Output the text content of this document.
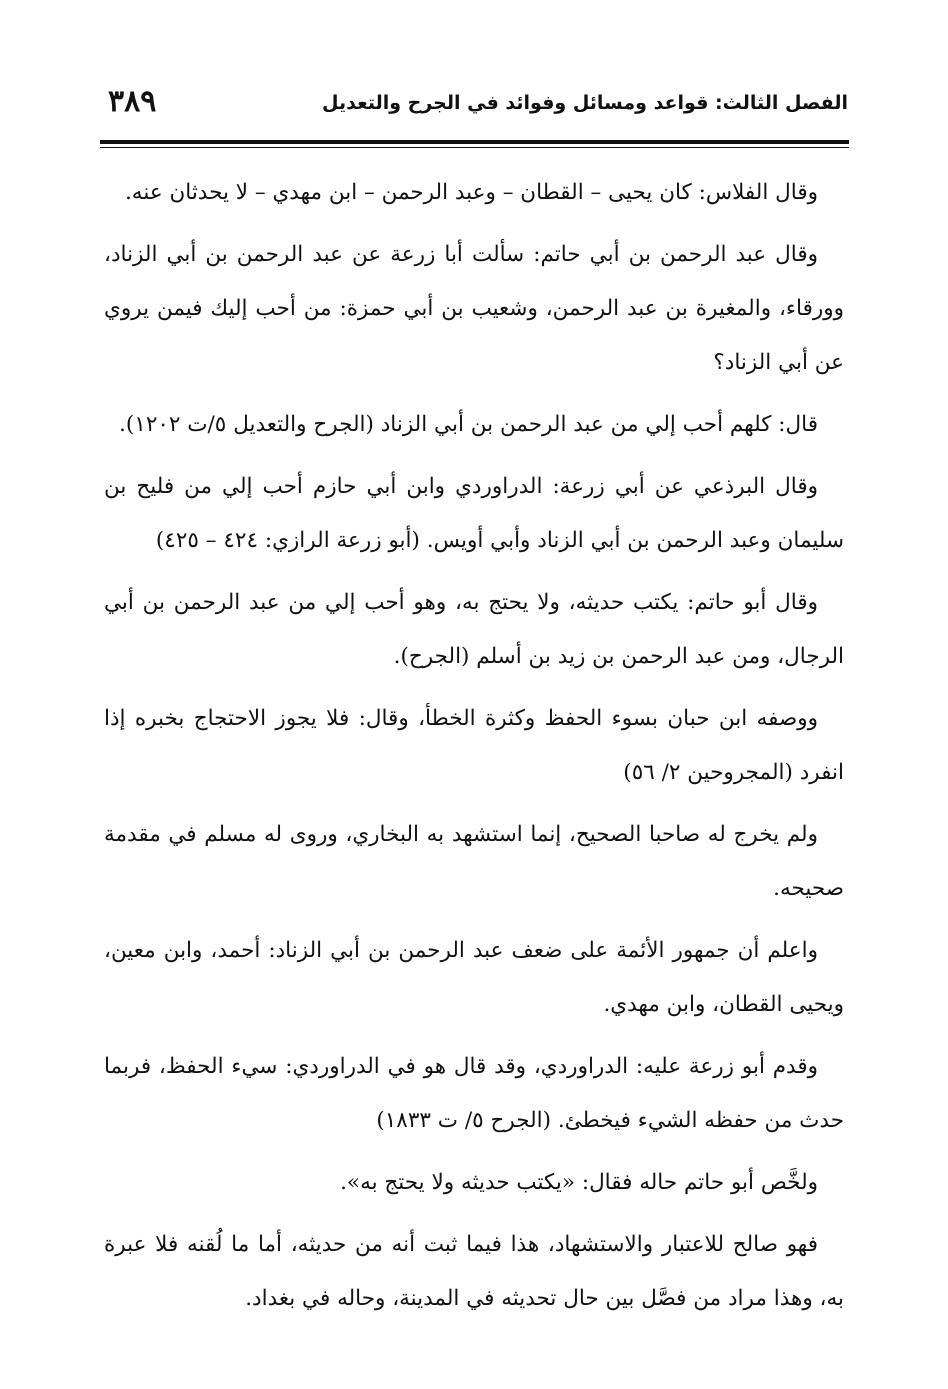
الفصل الثالث: قواعد ومسائل وفوائد في الجرح والتعديل
٣٨٩

وقال الفلاس: كان يحيى – القطان – وعبد الرحمن – ابن مهدي – لا يحدثان عنه.

وقال عبد الرحمن بن أبي حاتم: سألت أبا زرعة عن عبد الرحمن بن أبي الزناد، وورقاء، والمغيرة بن عبد الرحمن، وشعيب بن أبي حمزة: من أحب إليك فيمن يروي عن أبي الزناد؟

قال: كلهم أحب إلي من عبد الرحمن بن أبي الزناد (الجرح والتعديل ٥/ت ١٢٠٢).

وقال البرذعي عن أبي زرعة: الدراوردي وابن أبي حازم أحب إلي من فليح بن سليمان وعبد الرحمن بن أبي الزناد وأبي أويس. (أبو زرعة الرازي: ٤٢٤ – ٤٢٥)

وقال أبو حاتم: يكتب حديثه، ولا يحتج به، وهو أحب إلي من عبد الرحمن بن أبي الرجال، ومن عبد الرحمن بن زيد بن أسلم (الجرح).

ووصفه ابن حبان بسوء الحفظ وكثرة الخطأ، وقال: فلا يجوز الاحتجاج بخبره إذا انفرد (المجروحين ٢/ ٥٦)

ولم يخرج له صاحبا الصحيح، إنما استشهد به البخاري، وروى له مسلم في مقدمة صحيحه.

واعلم أن جمهور الأئمة على ضعف عبد الرحمن بن أبي الزناد: أحمد، وابن معين، ويحيى القطان، وابن مهدي.

وقدم أبو زرعة عليه: الدراوردي، وقد قال هو في الدراوردي: سيء الحفظ، فربما حدث من حفظه الشيء فيخطئ. (الجرح ٥/ ت ١٨٣٣)

ولخَّص أبو حاتم حاله فقال: «يكتب حديثه ولا يحتج به».

فهو صالح للاعتبار والاستشهاد، هذا فيما ثبت أنه من حديثه، أما ما لُقنه فلا عبرة به، وهذا مراد من فصَّل بين حال تحديثه في المدينة، وحاله في بغداد.
